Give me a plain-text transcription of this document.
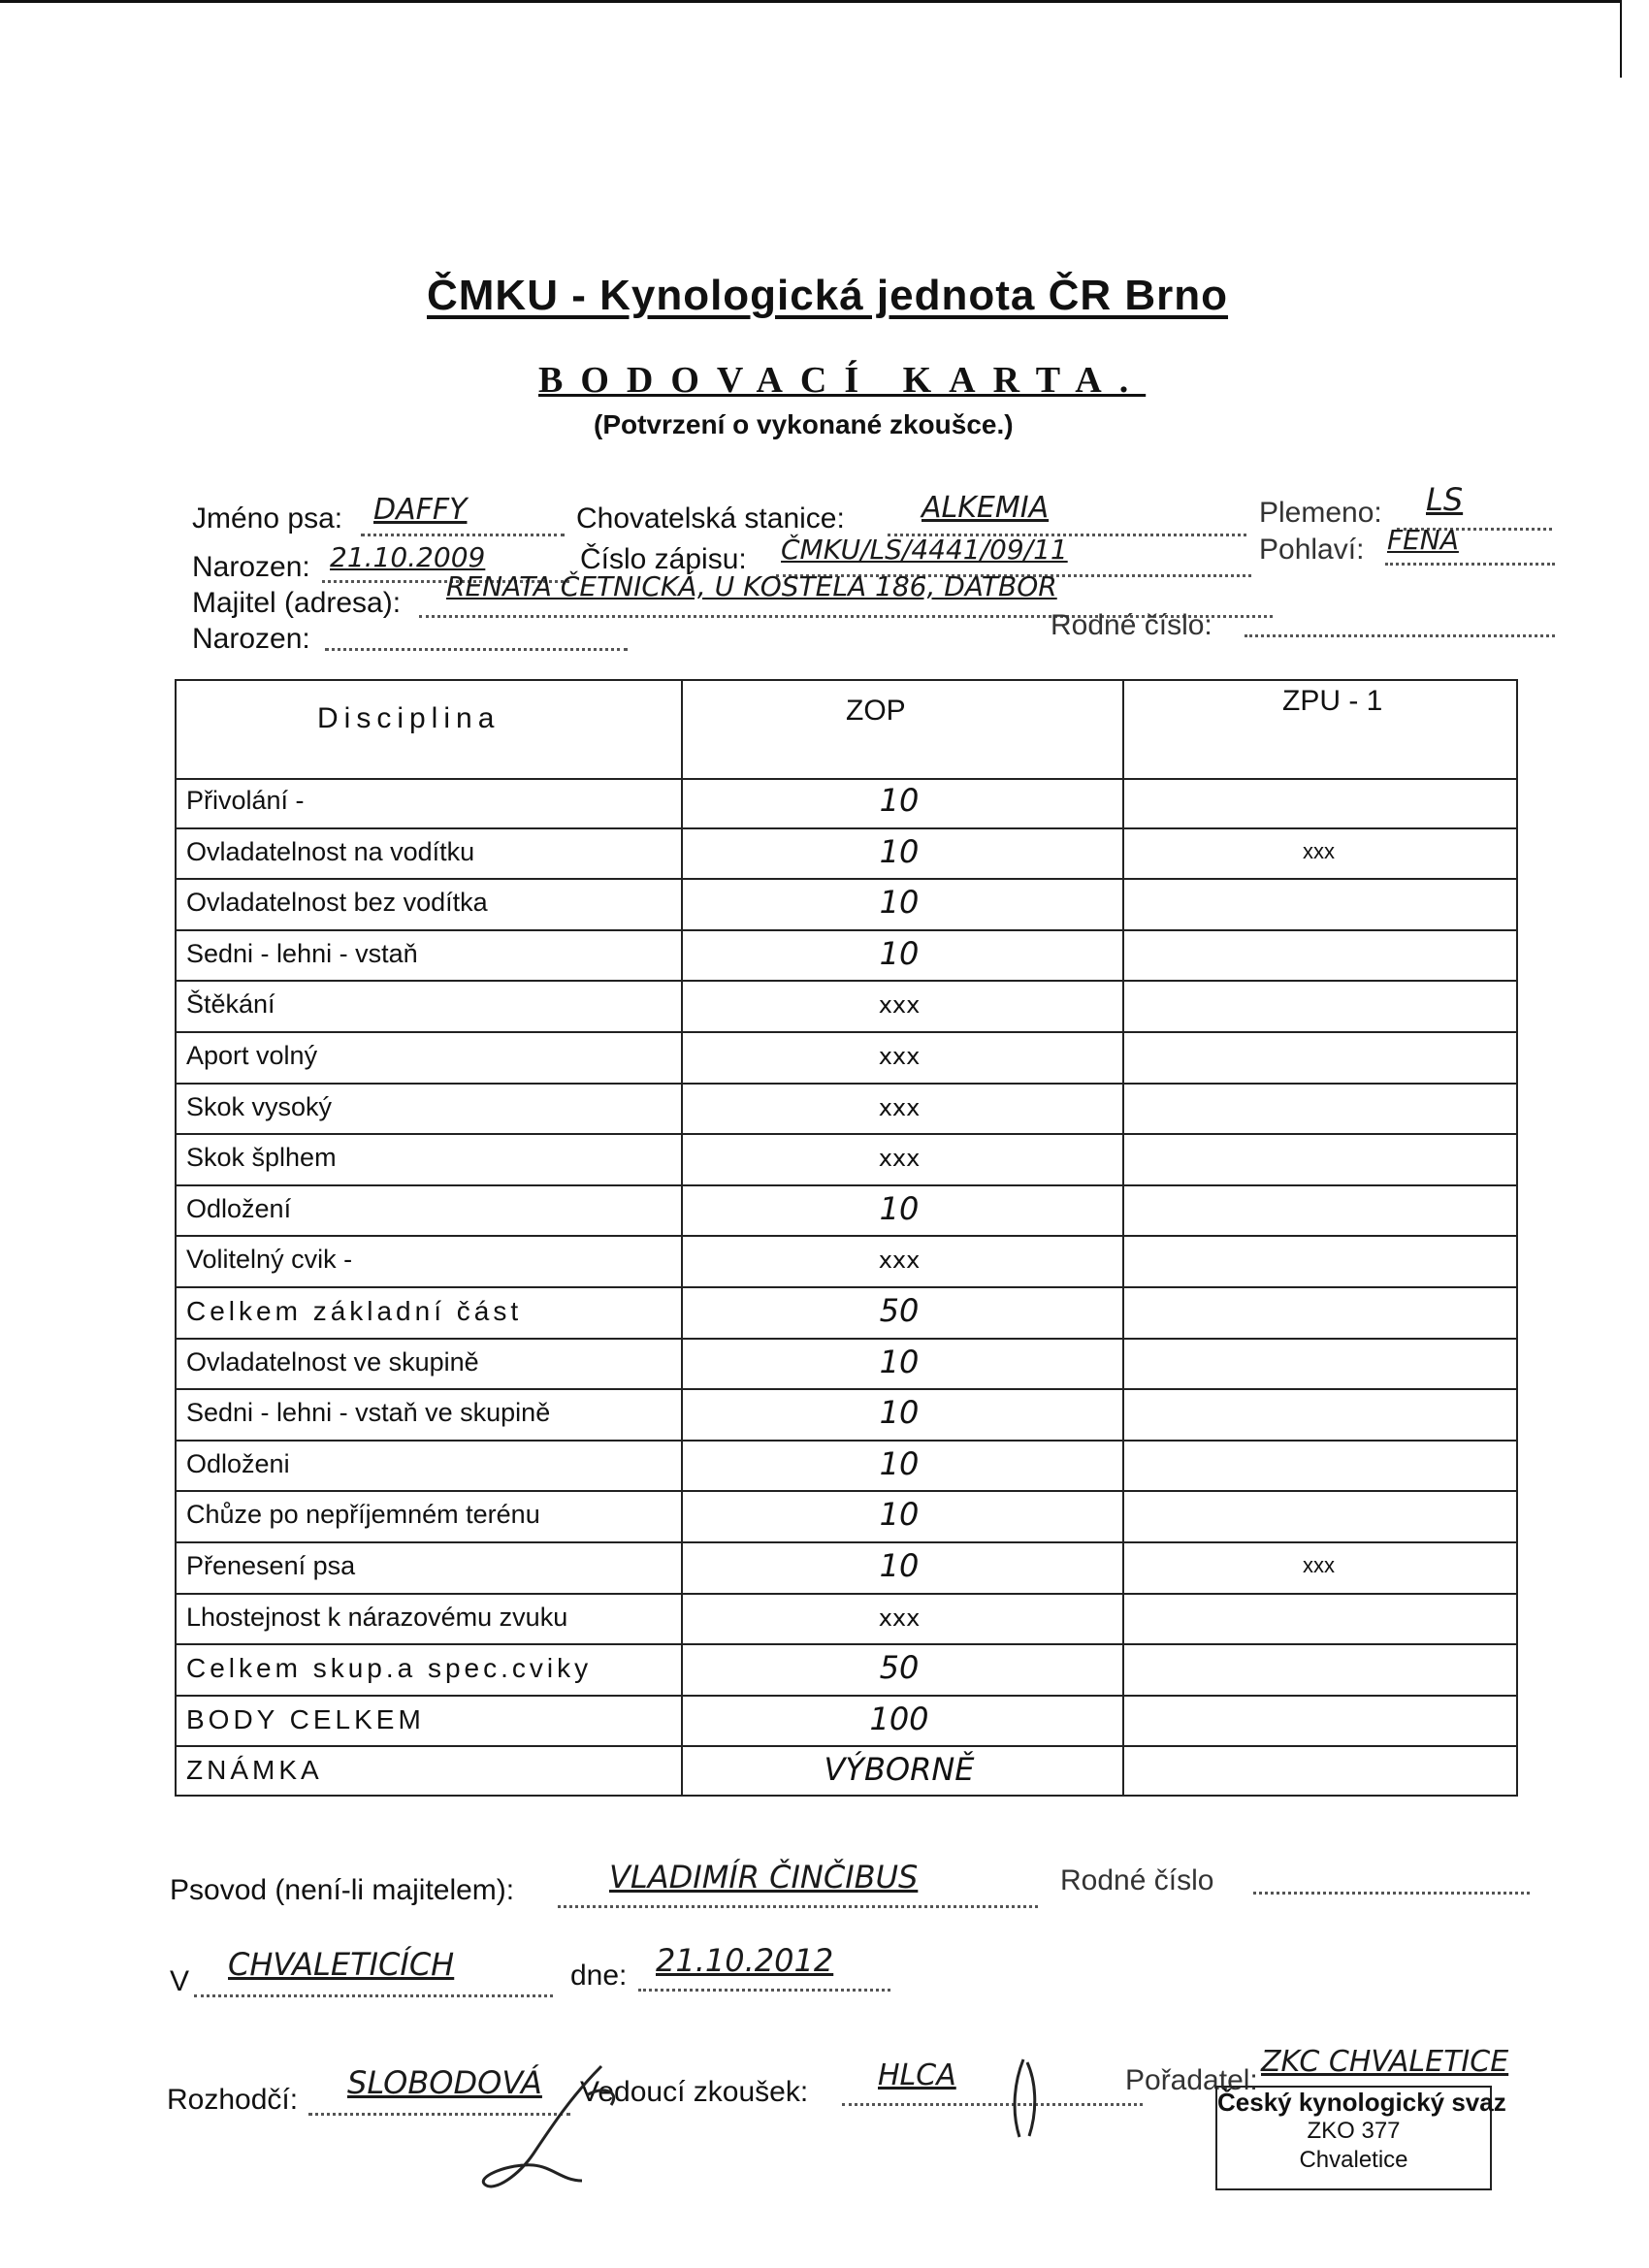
ČMKU - Kynologická jednota ČR Brno
BODOVACÍ KARTA.
(Potvrzení o vykonané zkoušce.)
Jméno psa: DAFFY	Chovatelská stanice:	ALKEMIA	Plemeno: LS
Narozen: 21.10.2009	Číslo zápisu: ČMKU/LS/4441/09/11	Pohlaví: FENA
Majitel (adresa):
RENATA ČETNICKÁ, U KOSTELA 186, DATBOR
Narozen:	Rodné číslo:
Disciplina	ZOP	ZPU - 1
Přivolání -	10
Ovladatelnost na vodítku	10	xxx
Ovladatelnost bez vodítka	10
Sedni - lehni - vstaň	10
Štěkání	xxx
Aport volný	xxx
Skok vysoký	xxx
Skok šplhem	xxx
Odložení	10
Volitelný cvik -	xxx
Celkem základní část	50
Ovladatelnost ve skupině	10
Sedni - lehni - vstaň ve skupině	10
Odloženi	10
Chůze po nepříjemném terénu	10
Přenesení psa	10	xxx
Lhostejnost k nárazovému zvuku	xxx
Celkem skup.a spec.cviky	50
BODY CELKEM	100
ZNÁMKA	VÝBORNĚ
Psovod (není-li majitelem):	VLADIMÍR ČINČIBUS	Rodné číslo
V CHVALETICÍCH	dne: 21.10.2012
Rozhodčí: SLOBODOVÁ Vedoucí zkoušek: HLCA	Pořadatel:
ZKC CHVALETICE
Český kynologický svaz
ZKO 377
Chvaletice
